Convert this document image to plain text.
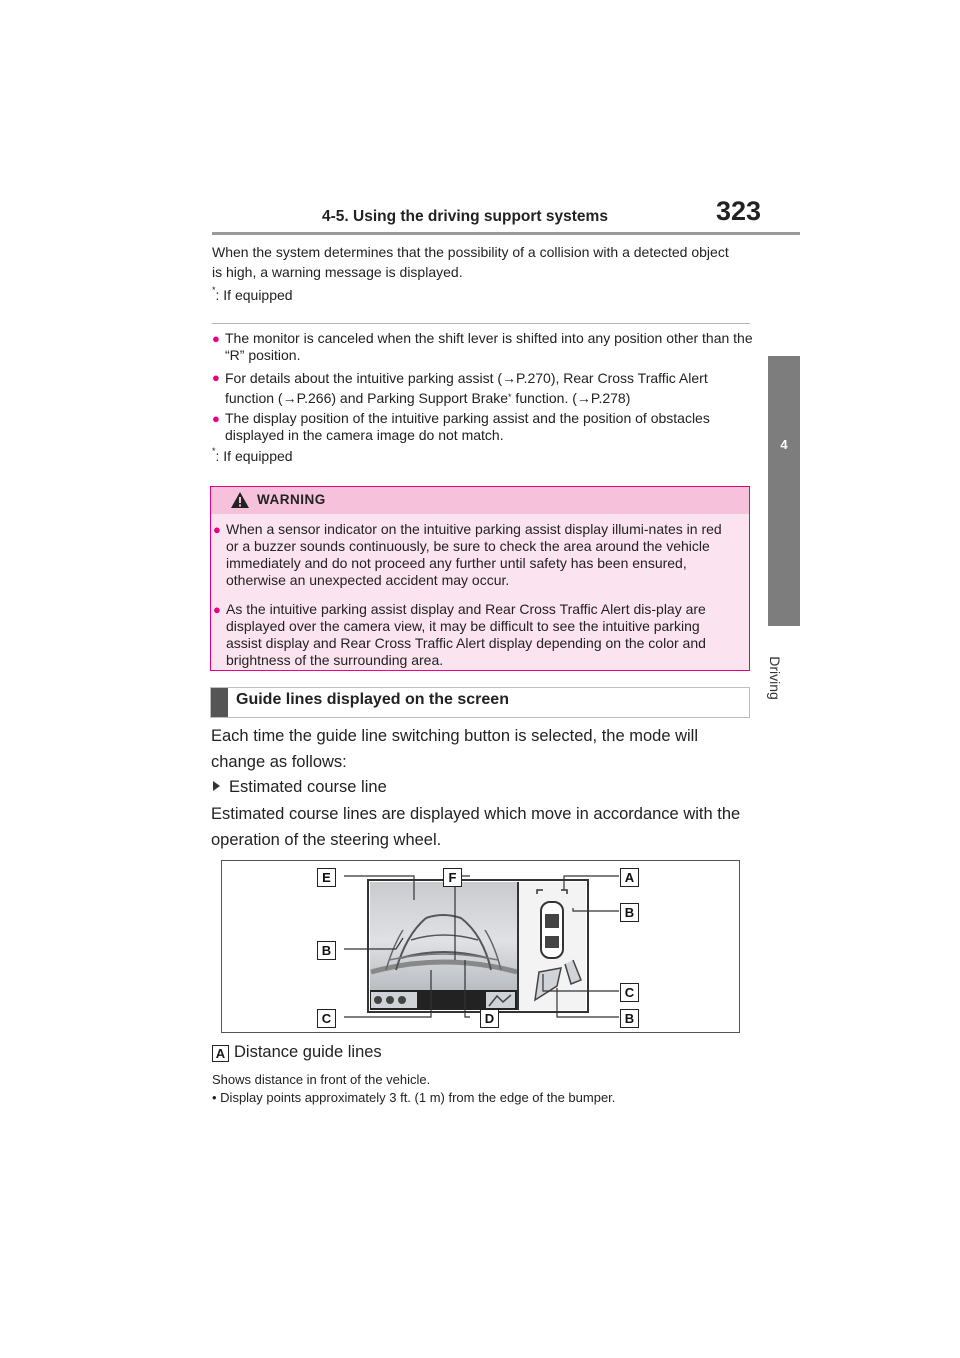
4-5. Using the driving support systems	323
4
Driving
When the system determines that the possibility of a collision with a detected object is high, a warning message is displayed.
*: If equipped
● The monitor is canceled when the shift lever is shifted into any position other than the “R” position.
● For details about the intuitive parking assist (→P.270), Rear Cross Traffic Alert function (→P.266) and Parking Support Brake* function. (→P.278)
● The display position of the intuitive parking assist and the position of obstacles displayed in the camera image do not match.
*: If equipped
WARNING
● When a sensor indicator on the intuitive parking assist display illumi-nates in red or a buzzer sounds continuously, be sure to check the area around the vehicle immediately and do not proceed any further until safety has been ensured, otherwise an unexpected accident may occur.
● As the intuitive parking assist display and Rear Cross Traffic Alert dis-play are displayed over the camera view, it may be difficult to see the intuitive parking assist display and Rear Cross Traffic Alert display depending on the color and brightness of the surrounding area.
Guide lines displayed on the screen
Each time the guide line switching button is selected, the mode will change as follows:
Estimated course line
Estimated course lines are displayed which move in accordance with the operation of the steering wheel.
E	F	A
B
B
C
C	D	B
A Distance guide lines
Shows distance in front of the vehicle.
• Display points approximately 3 ft. (1 m) from the edge of the bumper.
